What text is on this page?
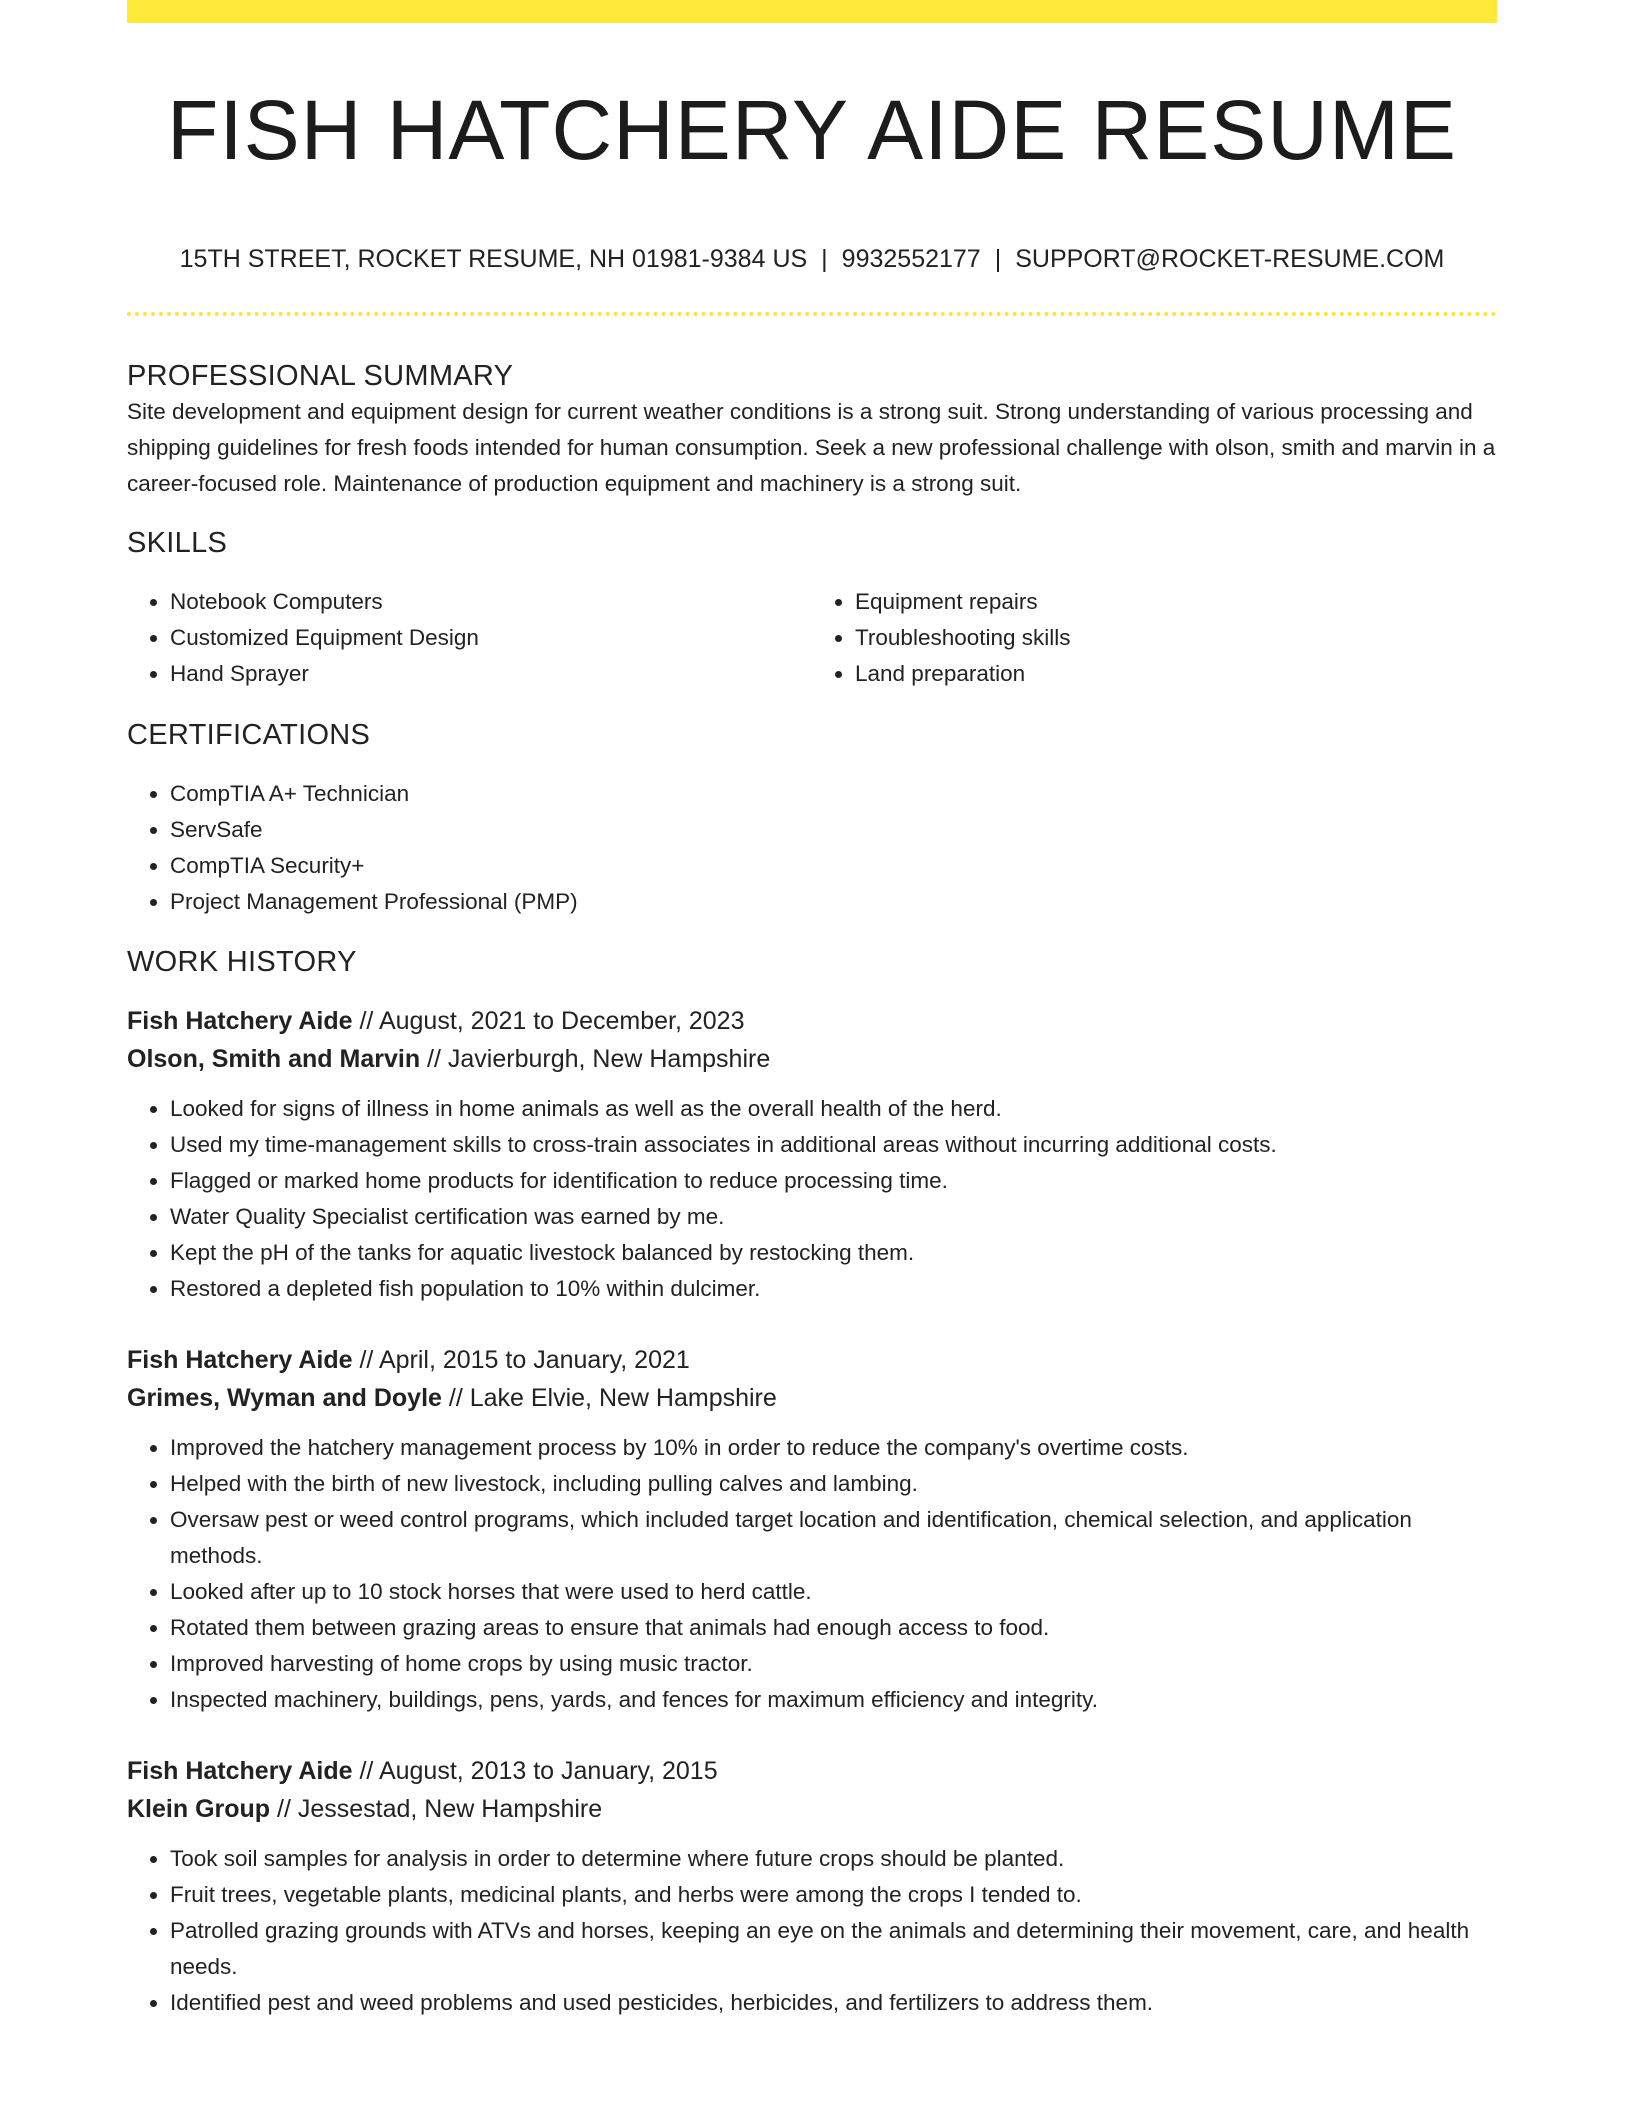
FISH HATCHERY AIDE RESUME
15TH STREET, ROCKET RESUME, NH 01981-9384 US | 9932552177 | SUPPORT@ROCKET-RESUME.COM
PROFESSIONAL SUMMARY

Site development and equipment design for current weather conditions is a strong suit. Strong understanding of various processing and shipping guidelines for fresh foods intended for human consumption. Seek a new professional challenge with olson, smith and marvin in a career-focused role. Maintenance of production equipment and machinery is a strong suit.

SKILLS
• Notebook Computers
• Customized Equipment Design
• Hand Sprayer
• Equipment repairs
• Troubleshooting skills
• Land preparation
CERTIFICATIONS
• CompTIA A+ Technician
• ServSafe
• CompTIA Security+
• Project Management Professional (PMP)
WORK HISTORY
Fish Hatchery Aide // August, 2021 to December, 2023
Olson, Smith and Marvin // Javierburgh, New Hampshire
• Looked for signs of illness in home animals as well as the overall health of the herd.
• Used my time-management skills to cross-train associates in additional areas without incurring additional costs.
• Flagged or marked home products for identification to reduce processing time.
• Water Quality Specialist certification was earned by me.
• Kept the pH of the tanks for aquatic livestock balanced by restocking them.
• Restored a depleted fish population to 10% within dulcimer.
Fish Hatchery Aide // April, 2015 to January, 2021
Grimes, Wyman and Doyle // Lake Elvie, New Hampshire
• Improved the hatchery management process by 10% in order to reduce the company's overtime costs.
• Helped with the birth of new livestock, including pulling calves and lambing.
• Oversaw pest or weed control programs, which included target location and identification, chemical selection, and application methods.
• Looked after up to 10 stock horses that were used to herd cattle.
• Rotated them between grazing areas to ensure that animals had enough access to food.
• Improved harvesting of home crops by using music tractor.
• Inspected machinery, buildings, pens, yards, and fences for maximum efficiency and integrity.
Fish Hatchery Aide // August, 2013 to January, 2015
Klein Group // Jessestad, New Hampshire
• Took soil samples for analysis in order to determine where future crops should be planted.
• Fruit trees, vegetable plants, medicinal plants, and herbs were among the crops I tended to.
• Patrolled grazing grounds with ATVs and horses, keeping an eye on the animals and determining their movement, care, and health needs.
• Identified pest and weed problems and used pesticides, herbicides, and fertilizers to address them.
